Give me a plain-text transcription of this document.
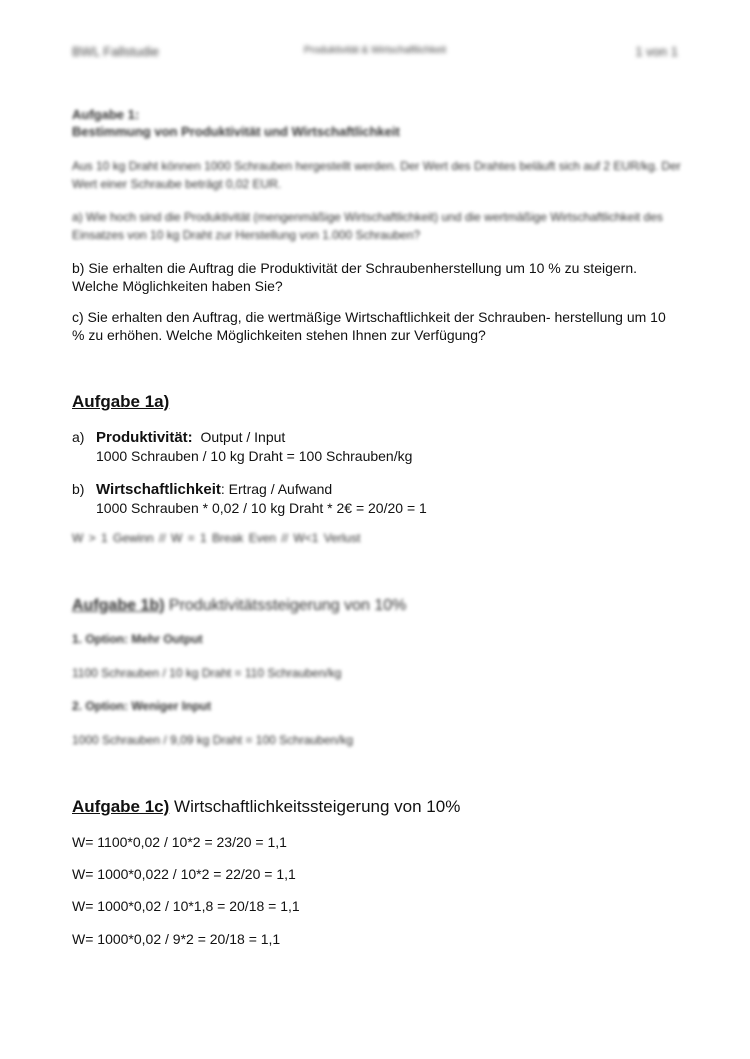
BWL Fallstudie	Produktivität & Wirtschaftlichkeit	1 von 1
Aufgabe 1:
Bestimmung von Produktivität und Wirtschaftlichkeit
Aus 10 kg Draht können 1000 Schrauben hergestellt werden. Der Wert des Drahtes beläuft sich auf 2 EUR/kg. Der Wert einer Schraube beträgt 0,02 EUR.
a) Wie hoch sind die Produktivität (mengenmäßige Wirtschaftlichkeit) und die wertmäßige Wirtschaftlichkeit des Einsatzes von 10 kg Draht zur Herstellung von 1.000 Schrauben?
b) Sie erhalten die Auftrag die Produktivität der Schraubenherstellung um 10 % zu steigern. Welche Möglichkeiten haben Sie?
c) Sie erhalten den Auftrag, die wertmäßige Wirtschaftlichkeit der Schrauben- herstellung um 10 % zu erhöhen. Welche Möglichkeiten stehen Ihnen zur Verfügung?
Aufgabe 1a)
a) Produktivität: Output / Input
1000 Schrauben / 10 kg Draht = 100 Schrauben/kg
b) Wirtschaftlichkeit: Ertrag / Aufwand
1000 Schrauben * 0,02 / 10 kg Draht * 2€ = 20/20 = 1
W > 1 Gewinn // W = 1 Break Even // W<1 Verlust
Aufgabe 1b) Produktivitätssteigerung von 10%
1. Option: Mehr Output
1100 Schrauben / 10 kg Draht = 110 Schrauben/kg
2. Option: Weniger Input
1000 Schrauben / 9,09 kg Draht = 100 Schrauben/kg
Aufgabe 1c) Wirtschaftlichkeitssteigerung von 10%
W= 1100*0,02 / 10*2 = 23/20 = 1,1
W= 1000*0,022 / 10*2 = 22/20 = 1,1
W= 1000*0,02 / 10*1,8 = 20/18 = 1,1
W= 1000*0,02 / 9*2 = 20/18 = 1,1
